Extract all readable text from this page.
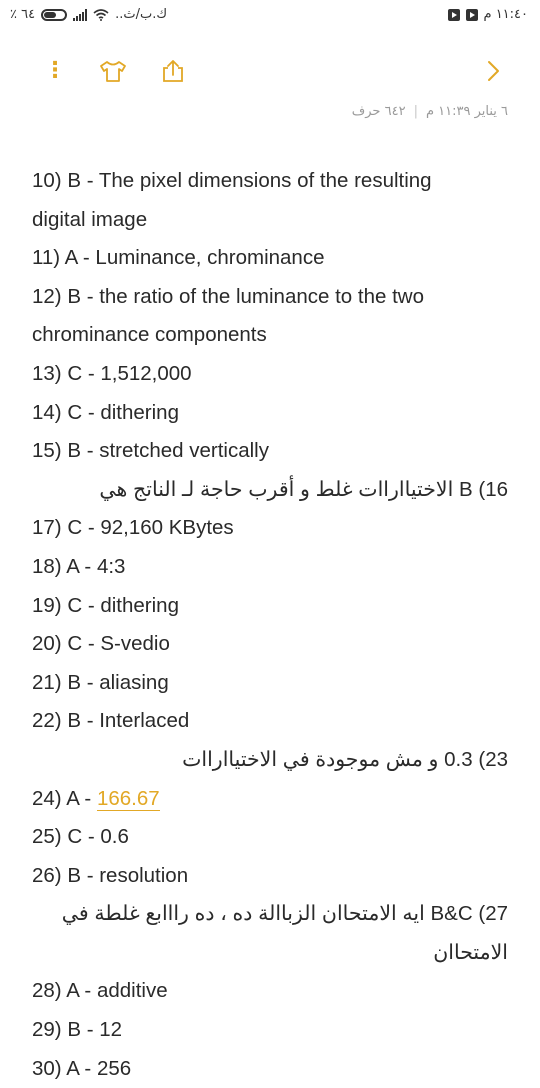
٪ ٦٤	..ك.ب/ث	١١:٤٠ م
⋮
٦ يناير ١١:٣٩ م
|
٦٤٢ حرف
10) B - The pixel dimensions of the resulting
digital image
11) A - Luminance, chrominance
12) B - the ratio of the luminance to the two
chrominance components
13) C - 1,512,000
14) C - dithering
15) B - stretched vertically
16) B الاختيااراات غلط و أقرب حاجة لـ الناتج هي
17) C - 92,160 KBytes
18) A - 4:3
19) C - dithering
20) C - S-vedio
21) B - aliasing
22) B - Interlaced
23) 0.3 و مش موجودة في الاختيااراات
24) A - 166.67
25) C - 0.6
26) B - resolution
27) B&C ايه الامتحاان الزباالة ده ، ده رااابع غلطة في
الامتحاان
28) A - additive
29) B - 12
30) A - 256
